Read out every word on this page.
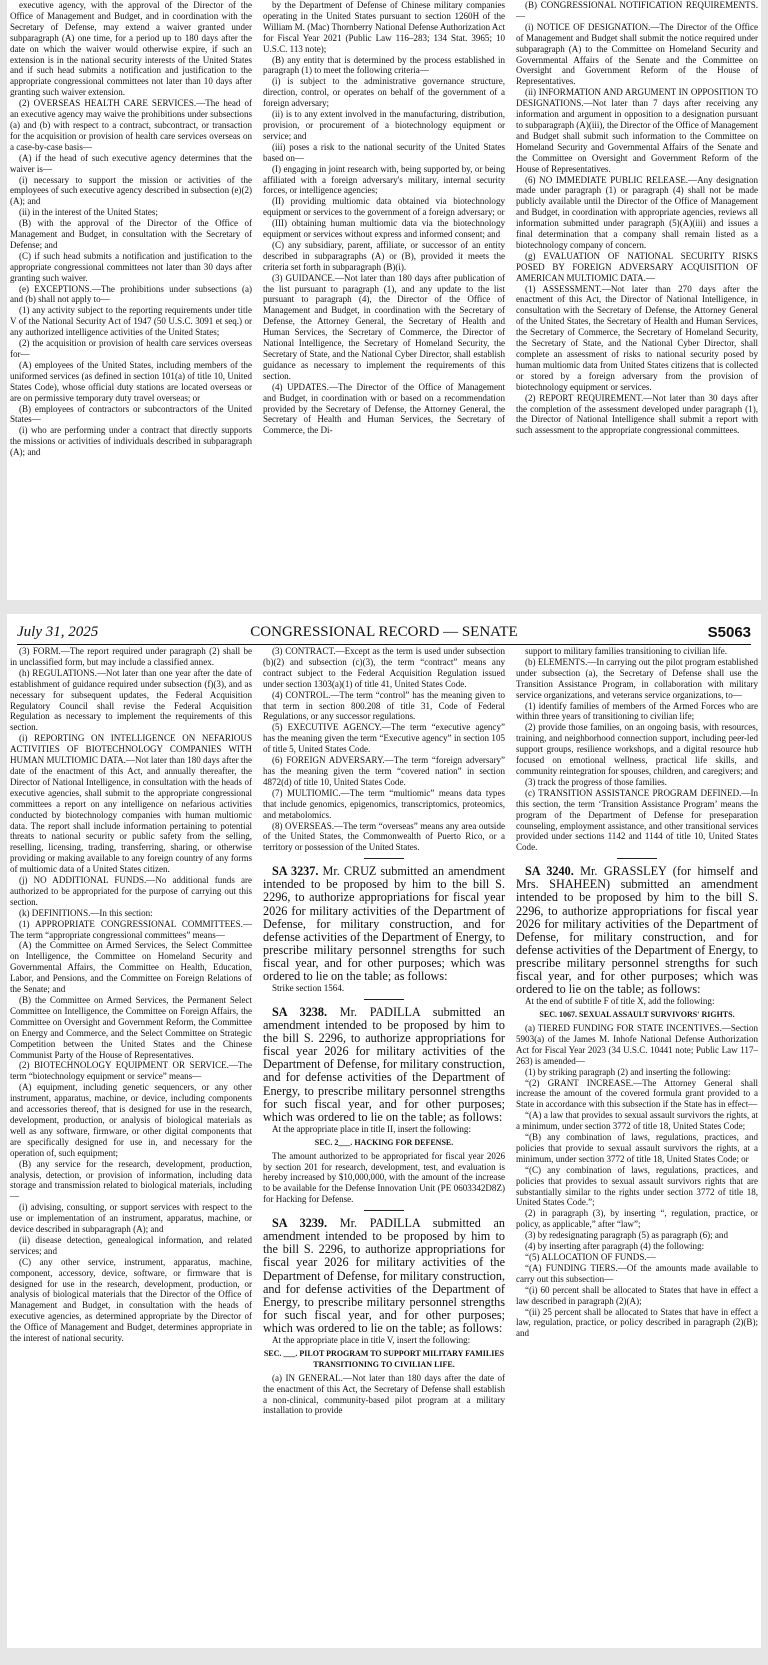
executive agency, with the approval of the Director of the Office of Management and Budget, and in coordination with the Secretary of Defense, may extend a waiver granted under subparagraph (A) one time, for a period up to 180 days after the date on which the waiver would otherwise expire, if such an extension is in the national security interests of the United States and if such head submits a notification and justification to the appropriate congressional committees not later than 10 days after granting such waiver extension.

(2) OVERSEAS HEALTH CARE SERVICES.—The head of an executive agency may waive the prohibitions under subsections (a) and (b) with respect to a contract, subcontract, or transaction for the acquisition or provision of health care services overseas on a case-by-case basis—

(A) if the head of such executive agency determines that the waiver is—

(i) necessary to support the mission or activities of the employees of such executive agency described in subsection (e)(2)(A); and

(ii) in the interest of the United States;

(B) with the approval of the Director of the Office of Management and Budget, in consultation with the Secretary of Defense; and

(C) if such head submits a notification and justification to the appropriate congressional committees not later than 30 days after granting such waiver.

(e) EXCEPTIONS.—The prohibitions under subsections (a) and (b) shall not apply to—

(1) any activity subject to the reporting requirements under title V of the National Security Act of 1947 (50 U.S.C. 3091 et seq.) or any authorized intelligence activities of the United States;

(2) the acquisition or provision of health care services overseas for—

(A) employees of the United States, including members of the uniformed services (as defined in section 101(a) of title 10, United States Code), whose official duty stations are located overseas or are on permissive temporary duty travel overseas; or

(B) employees of contractors or subcontractors of the United States—

(i) who are performing under a contract that directly supports the missions or activities of individuals described in subparagraph (A); and

by the Department of Defense of Chinese military companies operating in the United States pursuant to section 1260H of the William M. (Mac) Thornberry National Defense Authorization Act for Fiscal Year 2021 (Public Law 116–283; 134 Stat. 3965; 10 U.S.C. 113 note);

(B) any entity that is determined by the process established in paragraph (1) to meet the following criteria—

(i) is subject to the administrative governance structure, direction, control, or operates on behalf of the government of a foreign adversary;

(ii) is to any extent involved in the manufacturing, distribution, provision, or procurement of a biotechnology equipment or service; and

(iii) poses a risk to the national security of the United States based on—

(I) engaging in joint research with, being supported by, or being affiliated with a foreign adversary's military, internal security forces, or intelligence agencies;

(II) providing multiomic data obtained via biotechnology equipment or services to the government of a foreign adversary; or

(III) obtaining human multiomic data via the biotechnology equipment or services without express and informed consent; and

(C) any subsidiary, parent, affiliate, or successor of an entity described in subparagraphs (A) or (B), provided it meets the criteria set forth in subparagraph (B)(i).

(3) GUIDANCE.—Not later than 180 days after publication of the list pursuant to paragraph (1), and any update to the list pursuant to paragraph (4), the Director of the Office of Management and Budget, in coordination with the Secretary of Defense, the Attorney General, the Secretary of Health and Human Services, the Secretary of Commerce, the Director of National Intelligence, the Secretary of Homeland Security, the Secretary of State, and the National Cyber Director, shall establish guidance as necessary to implement the requirements of this section.

(4) UPDATES.—The Director of the Office of Management and Budget, in coordination with or based on a recommendation provided by the Secretary of Defense, the Attorney General, the Secretary of Health and Human Services, the Secretary of Commerce, the Di-

(B) CONGRESSIONAL NOTIFICATION REQUIREMENTS.—

(i) NOTICE OF DESIGNATION.—The Director of the Office of Management and Budget shall submit the notice required under subparagraph (A) to the Committee on Homeland Security and Governmental Affairs of the Senate and the Committee on Oversight and Government Reform of the House of Representatives.

(ii) INFORMATION AND ARGUMENT IN OPPOSITION TO DESIGNATIONS.—Not later than 7 days after receiving any information and argument in opposition to a designation pursuant to subparagraph (A)(iii), the Director of the Office of Management and Budget shall submit such information to the Committee on Homeland Security and Governmental Affairs of the Senate and the Committee on Oversight and Government Reform of the House of Representatives.

(6) NO IMMEDIATE PUBLIC RELEASE.—Any designation made under paragraph (1) or paragraph (4) shall not be made publicly available until the Director of the Office of Management and Budget, in coordination with appropriate agencies, reviews all information submitted under paragraph (5)(A)(iii) and issues a final determination that a company shall remain listed as a biotechnology company of concern.

(g) EVALUATION OF NATIONAL SECURITY RISKS POSED BY FOREIGN ADVERSARY ACQUISITION OF AMERICAN MULTIOMIC DATA.—

(1) ASSESSMENT.—Not later than 270 days after the enactment of this Act, the Director of National Intelligence, in consultation with the Secretary of Defense, the Attorney General of the United States, the Secretary of Health and Human Services, the Secretary of Commerce, the Secretary of Homeland Security, the Secretary of State, and the National Cyber Director, shall complete an assessment of risks to national security posed by human multiomic data from United States citizens that is collected or stored by a foreign adversary from the provision of biotechnology equipment or services.

(2) REPORT REQUIREMENT.—Not later than 30 days after the completion of the assessment developed under paragraph (1), the Director of National Intelligence shall submit a report with such assessment to the appropriate congressional committees.

July 31, 2025	CONGRESSIONAL RECORD — SENATE	S5063

(3) FORM.—The report required under paragraph (2) shall be in unclassified form, but may include a classified annex.

(h) REGULATIONS.—Not later than one year after the date of establishment of guidance required under subsection (f)(3), and as necessary for subsequent updates, the Federal Acquisition Regulatory Council shall revise the Federal Acquisition Regulation as necessary to implement the requirements of this section.

(i) REPORTING ON INTELLIGENCE ON NEFARIOUS ACTIVITIES OF BIOTECHNOLOGY COMPANIES WITH HUMAN MULTIOMIC DATA.—Not later than 180 days after the date of the enactment of this Act, and annually thereafter, the Director of National Intelligence, in consultation with the heads of executive agencies, shall submit to the appropriate congressional committees a report on any intelligence on nefarious activities conducted by biotechnology companies with human multiomic data. The report shall include information pertaining to potential threats to national security or public safety from the selling, reselling, licensing, trading, transferring, sharing, or otherwise providing or making available to any foreign country of any forms of multiomic data of a United States citizen.

(j) NO ADDITIONAL FUNDS.—No additional funds are authorized to be appropriated for the purpose of carrying out this section.

(k) DEFINITIONS.—In this section:

(1) APPROPRIATE CONGRESSIONAL COMMITTEES.—The term “appropriate congressional committees” means—

(A) the Committee on Armed Services, the Select Committee on Intelligence, the Committee on Homeland Security and Governmental Affairs, the Committee on Health, Education, Labor, and Pensions, and the Committee on Foreign Relations of the Senate; and

(B) the Committee on Armed Services, the Permanent Select Committee on Intelligence, the Committee on Foreign Affairs, the Committee on Oversight and Government Reform, the Committee on Energy and Commerce, and the Select Committee on Strategic Competition between the United States and the Chinese Communist Party of the House of Representatives.

(2) BIOTECHNOLOGY EQUIPMENT OR SERVICE.—The term “biotechnology equipment or service” means—

(A) equipment, including genetic sequencers, or any other instrument, apparatus, machine, or device, including components and accessories thereof, that is designed for use in the research, development, production, or analysis of biological materials as well as any software, firmware, or other digital components that are specifically designed for use in, and necessary for the operation of, such equipment;

(B) any service for the research, development, production, analysis, detection, or provision of information, including data storage and transmission related to biological materials, including—

(i) advising, consulting, or support services with respect to the use or implementation of an instrument, apparatus, machine, or device described in subparagraph (A); and

(ii) disease detection, genealogical information, and related services; and

(C) any other service, instrument, apparatus, machine, component, accessory, device, software, or firmware that is designed for use in the research, development, production, or analysis of biological materials that the Director of the Office of Management and Budget, in consultation with the heads of executive agencies, as determined appropriate by the Director of the Office of Management and Budget, determines appropriate in the interest of national security.

(3) CONTRACT.—Except as the term is used under subsection (b)(2) and subsection (c)(3), the term “contract” means any contract subject to the Federal Acquisition Regulation issued under section 1303(a)(1) of title 41, United States Code.

(4) CONTROL.—The term “control” has the meaning given to that term in section 800.208 of title 31, Code of Federal Regulations, or any successor regulations.

(5) EXECUTIVE AGENCY.—The term “executive agency” has the meaning given the term “Executive agency” in section 105 of title 5, United States Code.

(6) FOREIGN ADVERSARY.—The term “foreign adversary” has the meaning given the term “covered nation” in section 4872(d) of title 10, United States Code.

(7) MULTIOMIC.—The term “multiomic” means data types that include genomics, epigenomics, transcriptomics, proteomics, and metabolomics.

(8) OVERSEAS.—The term “overseas” means any area outside of the United States, the Commonwealth of Puerto Rico, or a territory or possession of the United States.

SA 3237. Mr. CRUZ submitted an amendment intended to be proposed by him to the bill S. 2296, to authorize appropriations for fiscal year 2026 for military activities of the Department of Defense, for military construction, and for defense activities of the Department of Energy, to prescribe military personnel strengths for such fiscal year, and for other purposes; which was ordered to lie on the table; as follows:

Strike section 1564.

SA 3238. Mr. PADILLA submitted an amendment intended to be proposed by him to the bill S. 2296, to authorize appropriations for fiscal year 2026 for military activities of the Department of Defense, for military construction, and for defense activities of the Department of Energy, to prescribe military personnel strengths for such fiscal year, and for other purposes; which was ordered to lie on the table; as follows:

At the appropriate place in title II, insert the following:

SEC. 2___. HACKING FOR DEFENSE.

The amount authorized to be appropriated for fiscal year 2026 by section 201 for research, development, test, and evaluation is hereby increased by $10,000,000, with the amount of the increase to be available for the Defense Innovation Unit (PE 0603342D8Z) for Hacking for Defense.

SA 3239. Mr. PADILLA submitted an amendment intended to be proposed by him to the bill S. 2296, to authorize appropriations for fiscal year 2026 for military activities of the Department of Defense, for military construction, and for defense activities of the Department of Energy, to prescribe military personnel strengths for such fiscal year, and for other purposes; which was ordered to lie on the table; as follows:

At the appropriate place in title V, insert the following:

SEC. ___. PILOT PROGRAM TO SUPPORT MILITARY FAMILIES TRANSITIONING TO CIVILIAN LIFE.

(a) IN GENERAL.—Not later than 180 days after the date of the enactment of this Act, the Secretary of Defense shall establish a non-clinical, community-based pilot program at a military installation to provide

support to military families transitioning to civilian life.

(b) ELEMENTS.—In carrying out the pilot program established under subsection (a), the Secretary of Defense shall use the Transition Assistance Program, in collaboration with military service organizations, and veterans service organizations, to—

(1) identify families of members of the Armed Forces who are within three years of transitioning to civilian life;

(2) provide those families, on an ongoing basis, with resources, training, and neighborhood connection support, including peer-led support groups, resilience workshops, and a digital resource hub focused on emotional wellness, practical life skills, and community reintegration for spouses, children, and caregivers; and

(3) track the progress of those families.

(c) TRANSITION ASSISTANCE PROGRAM DEFINED.—In this section, the term ‘Transition Assistance Program’ means the program of the Department of Defense for preseparation counseling, employment assistance, and other transitional services provided under sections 1142 and 1144 of title 10, United States Code.

SA 3240. Mr. GRASSLEY (for himself and Mrs. SHAHEEN) submitted an amendment intended to be proposed by him to the bill S. 2296, to authorize appropriations for fiscal year 2026 for military activities of the Department of Defense, for military construction, and for defense activities of the Department of Energy, to prescribe military personnel strengths for such fiscal year, and for other purposes; which was ordered to lie on the table; as follows:

At the end of subtitle F of title X, add the following:

SEC. 1067. SEXUAL ASSAULT SURVIVORS' RIGHTS.

(a) TIERED FUNDING FOR STATE INCENTIVES.—Section 5903(a) of the James M. Inhofe National Defense Authorization Act for Fiscal Year 2023 (34 U.S.C. 10441 note; Public Law 117–263) is amended—

(1) by striking paragraph (2) and inserting the following:

“(2) GRANT INCREASE.—The Attorney General shall increase the amount of the covered formula grant provided to a State in accordance with this subsection if the State has in effect—

“(A) a law that provides to sexual assault survivors the rights, at a minimum, under section 3772 of title 18, United States Code;

“(B) any combination of laws, regulations, practices, and policies that provide to sexual assault survivors the rights, at a minimum, under section 3772 of title 18, United States Code; or

“(C) any combination of laws, regulations, practices, and policies that provides to sexual assault survivors rights that are substantially similar to the rights under section 3772 of title 18, United States Code.”;

(2) in paragraph (3), by inserting “, regulation, practice, or policy, as applicable,” after “law”;

(3) by redesignating paragraph (5) as paragraph (6); and

(4) by inserting after paragraph (4) the following:

“(5) ALLOCATION OF FUNDS.—

“(A) FUNDING TIERS.—Of the amounts made available to carry out this subsection—

“(i) 60 percent shall be allocated to States that have in effect a law described in paragraph (2)(A);

“(ii) 25 percent shall be allocated to States that have in effect a law, regulation, practice, or policy described in paragraph (2)(B); and
